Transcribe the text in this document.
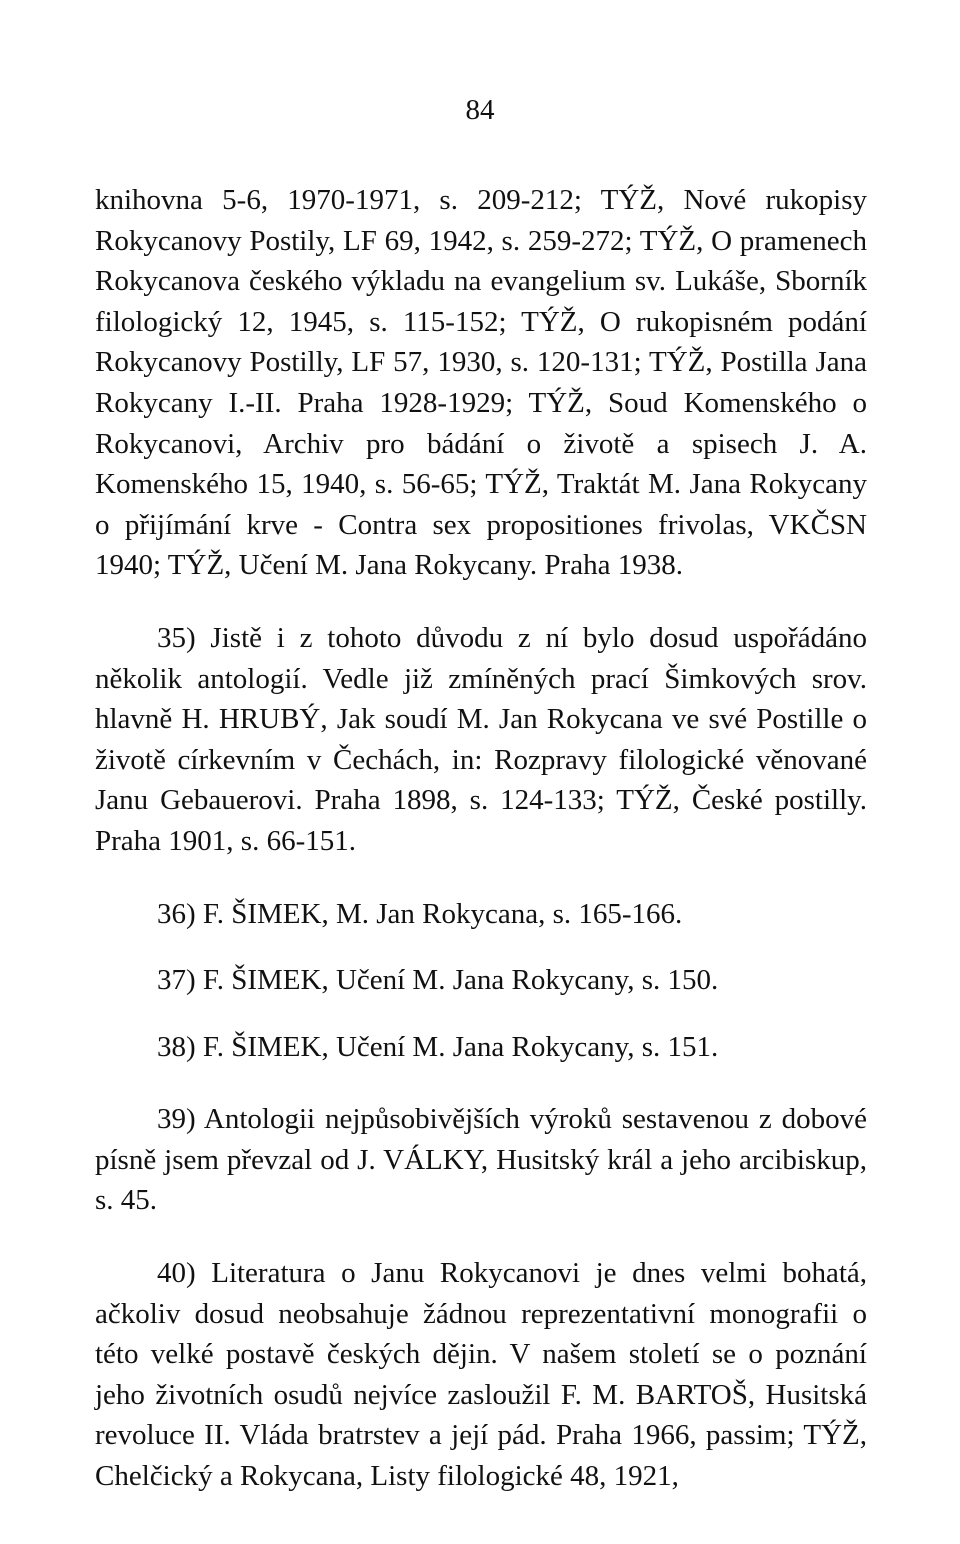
84

knihovna 5-6, 1970-1971, s. 209-212; TÝŽ, Nové rukopisy Rokycanovy Postily, LF 69, 1942, s. 259-272; TÝŽ, O pramenech Rokycanova českého výkladu na evangelium sv. Lukáše, Sborník filologický 12, 1945, s. 115-152; TÝŽ, O rukopisném podání Rokycanovy Postilly, LF 57, 1930, s. 120-131; TÝŽ, Postilla Jana Rokycany I.-II. Praha 1928-1929; TÝŽ, Soud Komenského o Rokycanovi, Archiv pro bádání o životě a spisech J. A. Komenského 15, 1940, s. 56-65; TÝŽ, Traktát M. Jana Rokycany o přijímání krve - Contra sex propositiones frivolas, VKČSN 1940; TÝŽ, Učení M. Jana Rokycany. Praha 1938.

35) Jistě i z tohoto důvodu z ní bylo dosud uspořádáno několik antologií. Vedle již zmíněných prací Šimkových srov. hlavně H. HRUBÝ, Jak soudí M. Jan Rokycana ve své Postille o životě církevním v Čechách, in: Rozpravy filologické věnované Janu Gebauerovi. Praha 1898, s. 124-133; TÝŽ, České postilly. Praha 1901, s. 66-151.

36) F. ŠIMEK, M. Jan Rokycana, s. 165-166.

37) F. ŠIMEK, Učení M. Jana Rokycany, s. 150.

38) F. ŠIMEK, Učení M. Jana Rokycany, s. 151.

39) Antologii nejpůsobivějších výroků sestavenou z dobové písně jsem převzal od J. VÁLKY, Husitský král a jeho arcibiskup, s. 45.

40) Literatura o Janu Rokycanovi je dnes velmi bohatá, ačkoliv dosud neobsahuje žádnou reprezentativní monografii o této velké postavě českých dějin. V našem století se o poznání jeho životních osudů nejvíce zasloužil F. M. BARTOŠ, Husitská revoluce II. Vláda bratrstev a její pád. Praha 1966, passim; TÝŽ, Chelčický a Rokycana, Listy filologické 48, 1921,
